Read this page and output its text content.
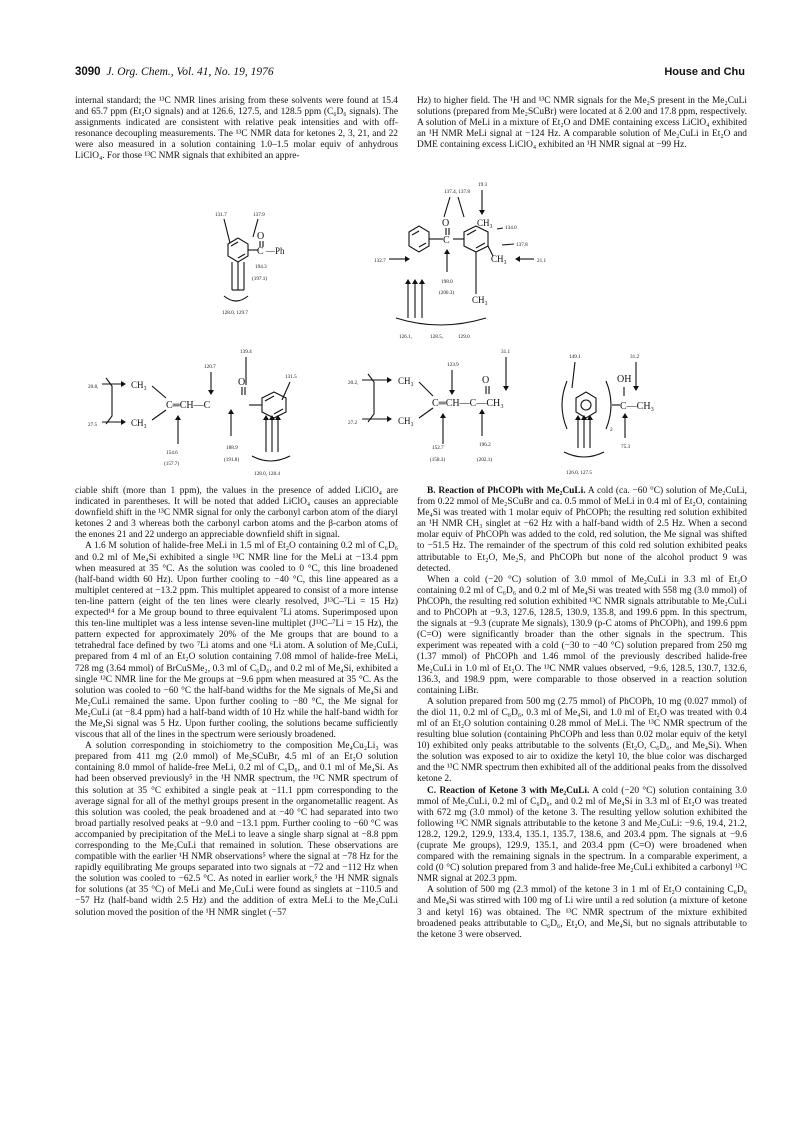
3090 J. Org. Chem., Vol. 41, No. 19, 1976	House and Chu

internal standard; the ¹³C NMR lines arising from these solvents were found at 15.4 and 65.7 ppm (Et₂O signals) and at 126.6, 127.5, and 128.5 ppm (C₆D₆ signals). The assignments indicated are consistent with relative peak intensities and with off-resonance decoupling measurements. The ¹³C NMR data for ketones 2, 3, 21, and 22 were also measured in a solution containing 1.0–1.5 molar equiv of anhydrous LiClO₄. For those ¹³C NMR signals that exhibited an appre-

Hz) to higher field. The ¹H and ¹³C NMR signals for the Me₂S present in the Me₂CuLi solutions (prepared from Me₂SCuBr) were located at δ 2.00 and 17.8 ppm, respectively. A solution of MeLi in a mixture of Et₂O and DME containing excess LiClO₄ exhibited an ¹H NMR MeLi signal at −124 Hz. A comparable solution of Me₂CuLi in Et₂O and DME containing excess LiClO₄ exhibited an ¹H NMR signal at −99 Hz.

ciable shift (more than 1 ppm), the values in the presence of added LiClO₄ are indicated in parentheses. It will be noted that added LiClO₄ causes an appreciable downfield shift in the ¹³C NMR signal for only the carbonyl carbon atom of the diaryl ketones 2 and 3 whereas both the carbonyl carbon atoms and the β-carbon atoms of the enones 21 and 22 undergo an appreciable downfield shift in signal.

A 1.6 M solution of halide-free MeLi in 1.5 ml of Et₂O containing 0.2 ml of C₆D₆ and 0.2 ml of Me₄Si exhibited a single ¹³C NMR line for the MeLi at −13.4 ppm when measured at 35 °C. As the solution was cooled to 0 °C, this line broadened (half-band width 60 Hz). Upon further cooling to −40 °C, this line appeared as a multiplet centered at −13.2 ppm. This multiplet appeared to consist of a more intense ten-line pattern (eight of the ten lines were clearly resolved, J¹³C–⁷Li = 15 Hz) expected¹⁴ for a Me group bound to three equivalent ⁷Li atoms. Superimposed upon this ten-line multiplet was a less intense seven-line multiplet (J¹³C–⁷Li = 15 Hz), the pattern expected for approximately 20% of the Me groups that are bound to a tetrahedral face defined by two ⁷Li atoms and one ⁶Li atom. A solution of Me₂CuLi, prepared from 4 ml of an Et₂O solution containing 7.08 mmol of halide-free MeLi, 728 mg (3.64 mmol) of BrCuSMe₂, 0.3 ml of C₆D₆, and 0.2 ml of Me₄Si, exhibited a single ¹³C NMR line for the Me groups at −9.6 ppm when measured at 35 °C. As the solution was cooled to −60 °C the half-band widths for the Me signals of Me₄Si and Me₂CuLi remained the same. Upon further cooling to −80 °C, the Me signal for Me₂CuLi (at −8.4 ppm) had a half-band width of 10 Hz while the half-band width for the Me₄Si signal was 5 Hz. Upon further cooling, the solutions became sufficiently viscous that all of the lines in the spectrum were seriously broadened.

A solution corresponding in stoichiometry to the composition Me₄Cu₂Li₃ was prepared from 411 mg (2.0 mmol) of Me₂SCuBr, 4.5 ml of an Et₂O solution containing 8.0 mmol of halide-free MeLi, 0.2 ml of C₆D₆, and 0.1 ml of Me₄Si. As had been observed previously⁵ in the ¹H NMR spectrum, the ¹³C NMR spectrum of this solution at 35 °C exhibited a single peak at −11.1 ppm corresponding to the average signal for all of the methyl groups present in the organometallic reagent. As this solution was cooled, the peak broadened and at −40 °C had separated into two broad partially resolved peaks at −9.0 and −13.1 ppm. Further cooling to −60 °C was accompanied by precipitation of the MeLi to leave a single sharp signal at −8.8 ppm corresponding to the Me₂CuLi that remained in solution. These observations are compatible with the earlier ¹H NMR observations⁵ where the signal at −78 Hz for the rapidly equilibrating Me groups separated into two signals at −72 and −112 Hz when the solution was cooled to −62.5 °C. As noted in earlier work,⁵ the ¹H NMR signals for solutions (at 35 °C) of MeLi and Me₂CuLi were found as singlets at −110.5 and −57 Hz (half-band width 2.5 Hz) and the addition of extra MeLi to the Me₂CuLi solution moved the position of the ¹H NMR singlet (−57

B. Reaction of PhCOPh with Me₂CuLi. A cold (ca. −60 °C) solution of Me₂CuLi, from 0.22 mmol of Me₂SCuBr and ca. 0.5 mmol of MeLi in 0.4 ml of Et₂O, containing Me₄Si was treated with 1 molar equiv of PhCOPh; the resulting red solution exhibited an ¹H NMR CH₃ singlet at −62 Hz with a half-band width of 2.5 Hz. When a second molar equiv of PhCOPh was added to the cold, red solution, the Me signal was shifted to −51.5 Hz. The remainder of the spectrum of this cold red solution exhibited peaks attributable to Et₂O, Me₂S, and PhCOPh but none of the alcohol product 9 was detected.

When a cold (−20 °C) solution of 3.0 mmol of Me₂CuLi in 3.3 ml of Et₂O containing 0.2 ml of C₆D₆ and 0.2 ml of Me₄Si was treated with 558 mg (3.0 mmol) of PhCOPh, the resulting red solution exhibited ¹³C NMR signals attributable to Me₂CuLi and to PhCOPh at −9.3, 127.6, 128.5, 130.9, 135.8, and 199.6 ppm. In this spectrum, the signals at −9.3 (cuprate Me signals), 130.9 (p-C atoms of PhCOPh), and 199.6 ppm (C=O) were significantly broader than the other signals in the spectrum. This experiment was repeated with a cold (−30 to −40 °C) solution prepared from 250 mg (1.37 mmol) of PhCOPh and 1.46 mmol of the previously described halide-free Me₂CuLi in 1.0 ml of Et₂O. The ¹³C NMR values observed, −9.6, 128.5, 130.7, 132.6, 136.3, and 198.9 ppm, were comparable to those observed in a reaction solution containing LiBr.

A solution prepared from 500 mg (2.75 mmol) of PhCOPh, 10 mg (0.027 mmol) of the diol 11, 0.2 ml of C₆D₆, 0.3 ml of Me₄Si, and 1.0 ml of Et₂O was treated with 0.4 ml of an Et₂O solution containing 0.28 mmol of MeLi. The ¹³C NMR spectrum of the resulting blue solution (containing PhCOPh and less than 0.02 molar equiv of the ketyl 10) exhibited only peaks attributable to the solvents (Et₂O, C₆D₆, and Me₄Si). When the solution was exposed to air to oxidize the ketyl 10, the blue color was discharged and the ¹³C NMR spectrum then exhibited all of the additional peaks from the dissolved ketone 2.

C. Reaction of Ketone 3 with Me₂CuLi. A cold (−20 °C) solution containing 3.0 mmol of Me₂CuLi, 0.2 ml of C₆D₆, and 0.2 ml of Me₄Si in 3.3 ml of Et₂O was treated with 672 mg (3.0 mmol) of the ketone 3. The resulting yellow solution exhibited the following ¹³C NMR signals attributable to the ketone 3 and Me₂CuLi: −9.6, 19.4, 21.2, 128.2, 129.2, 129.9, 133.4, 135.1, 135.7, 138.6, and 203.4 ppm. The signals at −9.6 (cuprate Me groups), 129.9, 135.1, and 203.4 ppm (C=O) were broadened when compared with the remaining signals in the spectrum. In a comparable experiment, a cold (0 °C) solution prepared from 3 and halide-free Me₂CuLi exhibited a carbonyl ¹³C NMR signal at 202.3 ppm.

A solution of 500 mg (2.3 mmol) of the ketone 3 in 1 ml of Et₂O containing C₆D₆ and Me₄Si was stirred with 100 mg of Li wire until a red solution (a mixture of ketone 3 and ketyl 16) was obtained. The ¹³C NMR spectrum of the mixture exhibited broadened peaks attributable to C₆D₆, Et₂O, and Me₄Si, but no signals attributable to the ketone 3 were observed.

131.7	137.9
O
C —Ph
194.3
(197.1)
128.0, 129.7
19.3
137.4, 137.8
CH₃ 134.0
137.8
O
C
CH₃	21.1
132.7
198.0
(200.3)
CH₃
126.1,	128.5,	129.0
139.4
120.7
131.5
20.8,
27.5
CH₃
CH₃
O
C═CH—C
154.6
(157.7)
188.9
(191.8)
128.0, 128.4
123.9
31.1
20.2,
27.2
CH₃
CH₃
O
C═CH—C—CH₃
152.7
(158.3)
196.2
(202.1)
149.1	31.2
2
OH
C—CH₃
75.3
126.0, 127.5
